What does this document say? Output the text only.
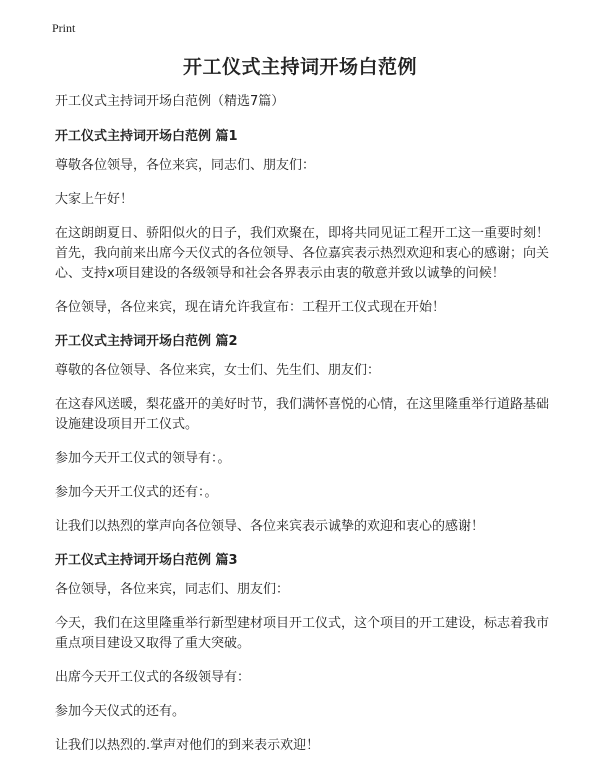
Print
开工仪式主持词开场白范例

开工仪式主持词开场白范例（精选7篇）

开工仪式主持词开场白范例 篇1

尊敬各位领导，各位来宾，同志们、朋友们：

大家上午好！

在这朗朗夏日、骄阳似火的日子，我们欢聚在，即将共同见证工程开工这一重要时刻！首先，我向前来出席今天仪式的各位领导、各位嘉宾表示热烈欢迎和衷心的感谢；向关心、支持x项目建设的各级领导和社会各界表示由衷的敬意并致以诚挚的问候！

各位领导，各位来宾，现在请允许我宣布：工程开工仪式现在开始！

开工仪式主持词开场白范例 篇2

尊敬的各位领导、各位来宾，女士们、先生们、朋友们：

在这春风送暖，梨花盛开的美好时节，我们满怀喜悦的心情，在这里隆重举行道路基础设施建设项目开工仪式。

参加今天开工仪式的领导有：。

参加今天开工仪式的还有：。

让我们以热烈的掌声向各位领导、各位来宾表示诚挚的欢迎和衷心的感谢！

开工仪式主持词开场白范例 篇3

各位领导，各位来宾，同志们、朋友们：

今天，我们在这里隆重举行新型建材项目开工仪式，这个项目的开工建设，标志着我市重点项目建设又取得了重大突破。

出席今天开工仪式的各级领导有：

参加今天仪式的还有。

让我们以热烈的.掌声对他们的到来表示欢迎！
